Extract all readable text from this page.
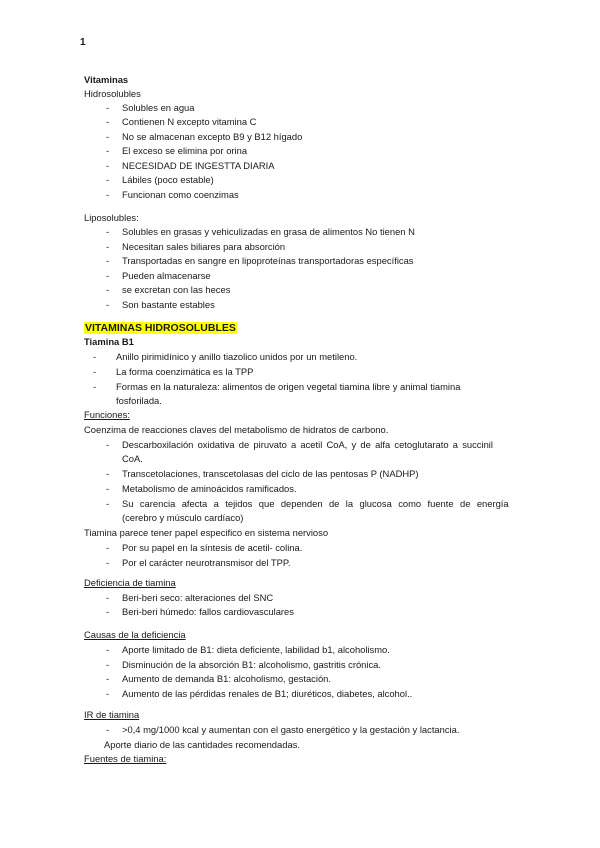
1
Vitaminas
Hidrosolubles
- Solubles en agua
- Contienen N excepto vitamina C
- No se almacenan excepto B9 y B12 hígado
- El exceso se elimina por orina
- NECESIDAD DE INGESTTA DIARIA
- Lábiles (poco estable)
- Funcionan como coenzimas
Liposolubles:
- Solubles en grasas y vehiculizadas en grasa de alimentos No tienen N
- Necesitan sales biliares para absorción
- Transportadas en sangre en lipoproteínas transportadoras específicas
- Pueden almacenarse
- se excretan con las heces
- Son bastante estables
VITAMINAS HIDROSOLUBLES
Tiamina B1
- Anillo pirimidínico y anillo tiazolico unidos por un metileno.
- La forma coenzimática es la TPP
- Formas en la naturaleza: alimentos de origen vegetal tiamina libre y animal tiamina
fosforilada.
Funciones:
Coenzima de reacciones claves del metabolismo de hidratos de carbono.
- Descarboxilación oxidativa de piruvato a acetil CoA, y de alfa cetoglutarato a succinil
CoA.
- Transcetolaciones, transcetolasas del ciclo de las pentosas P (NADHP)
- Metabolismo de aminoácidos ramificados.
- Su carencia afecta a tejidos que dependen de la glucosa como fuente de energía
(cerebro y músculo cardíaco)
Tiamina parece tener papel especifico en sistema nervioso
- Por su papel en la síntesis de acetil- colina.
- Por el carácter neurotransmisor del TPP.
Deficiencia de tiamina
- Beri-beri seco: alteraciones del SNC
- Beri-beri húmedo: fallos cardiovasculares
Causas de la deficiencia
- Aporte limitado de B1: dieta deficiente, labilidad b1, alcoholismo.
- Disminución de la absorción B1: alcoholismo, gastritis crónica.
- Aumento de demanda B1: alcoholismo, gestación.
- Aumento de las pérdidas renales de B1; diuréticos, diabetes, alcohol..
IR de tiamina
- >0,4 mg/1000 kcal y aumentan con el gasto energético y la gestación y lactancia.
Aporte diario de las cantidades recomendadas.
Fuentes de tiamina:
